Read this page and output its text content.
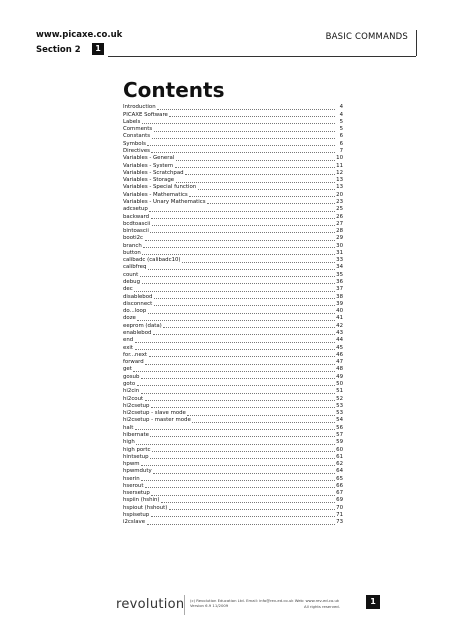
www.picaxe.co.uk
Section 2	1
BASIC COMMANDS
Contents
Introduction	4
PICAXE Software	4
Labels	5
Comments	5
Constants	6
Symbols	6
Directives	7
Variables - General	10
Variables - System	11
Variables - Scratchpad	12
Variables - Storage	13
Variables - Special function	13
Variables - Mathematics	20
Variables - Unary Mathematics	23
adcsetup	25
backward	26
bcdtoascii	27
bintoascii	28
booti2c	29
branch	30
button	31
calibadc (calibadc10)	33
calibfreq	34
count	35
debug	36
dec	37
disablebod	38
disconnect	39
do...loop	40
doze	41
eeprom (data)	42
enablebod	43
end	44
exit	45
for...next	46
forward	47
get	48
gosub	49
goto	50
hi2cin	51
hi2cout	52
hi2csetup	53
hi2csetup - slave mode	53
hi2csetup - master mode	54
halt	56
hibernate	57
high	59
high portc	60
hintsetup	61
hpwm	62
hpwmduty	64
hserin	65
hserout	66
hsersetup	67
hspiin (hshin)	69
hspiout (hshout)	70
hspisetup	71
i2cslave	73
revolution (c) Revolution Education Ltd. Email: info@rev-ed.co.uk Web: www.rev-ed.co.uk
Version 6.9 11/2009	All rights reserved.
1
